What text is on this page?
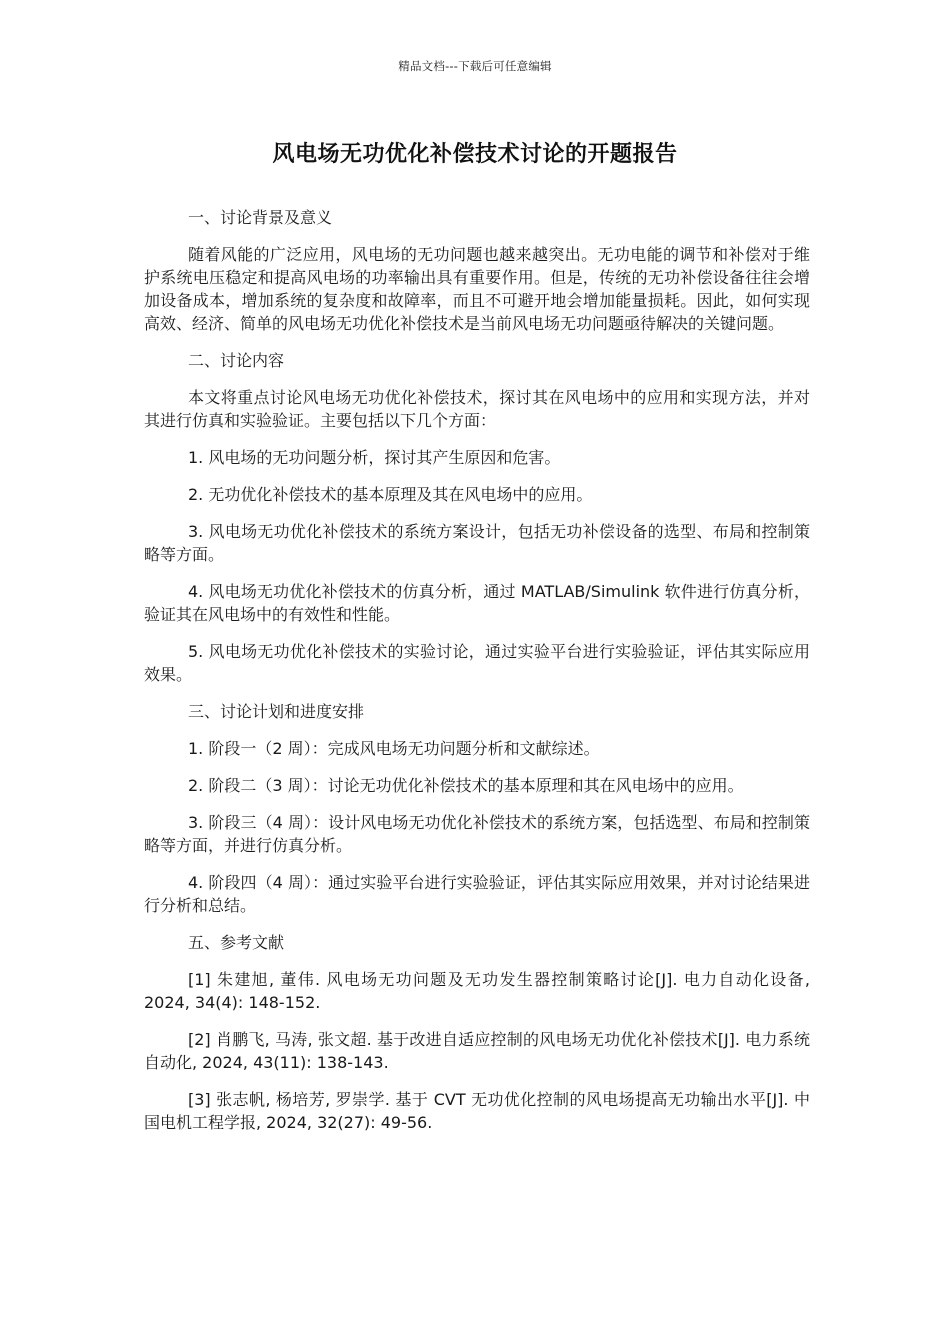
精品文档---下载后可任意编辑
风电场无功优化补偿技术讨论的开题报告

一、讨论背景及意义

随着风能的广泛应用，风电场的无功问题也越来越突出。无功电能的调节和补偿对于维护系统电压稳定和提高风电场的功率输出具有重要作用。但是，传统的无功补偿设备往往会增加设备成本，增加系统的复杂度和故障率，而且不可避开地会增加能量损耗。因此，如何实现高效、经济、简单的风电场无功优化补偿技术是当前风电场无功问题亟待解决的关键问题。

二、讨论内容

本文将重点讨论风电场无功优化补偿技术，探讨其在风电场中的应用和实现方法，并对其进行仿真和实验验证。主要包括以下几个方面：

1. 风电场的无功问题分析，探讨其产生原因和危害。

2. 无功优化补偿技术的基本原理及其在风电场中的应用。

3. 风电场无功优化补偿技术的系统方案设计，包括无功补偿设备的选型、布局和控制策略等方面。

4. 风电场无功优化补偿技术的仿真分析，通过 MATLAB/Simulink 软件进行仿真分析，验证其在风电场中的有效性和性能。

5. 风电场无功优化补偿技术的实验讨论，通过实验平台进行实验验证，评估其实际应用效果。

三、讨论计划和进度安排

1. 阶段一（2 周）：完成风电场无功问题分析和文献综述。

2. 阶段二（3 周）：讨论无功优化补偿技术的基本原理和其在风电场中的应用。

3. 阶段三（4 周）：设计风电场无功优化补偿技术的系统方案，包括选型、布局和控制策略等方面，并进行仿真分析。

4. 阶段四（4 周）：通过实验平台进行实验验证，评估其实际应用效果，并对讨论结果进行分析和总结。

五、参考文献

[1] 朱建旭, 董伟. 风电场无功问题及无功发生器控制策略讨论[J]. 电力自动化设备, 2024, 34(4): 148-152.

[2] 肖鹏飞, 马涛, 张文超. 基于改进自适应控制的风电场无功优化补偿技术[J]. 电力系统自动化, 2024, 43(11): 138-143.

[3] 张志帆, 杨培芳, 罗崇学. 基于 CVT 无功优化控制的风电场提高无功输出水平[J]. 中国电机工程学报, 2024, 32(27): 49-56.
